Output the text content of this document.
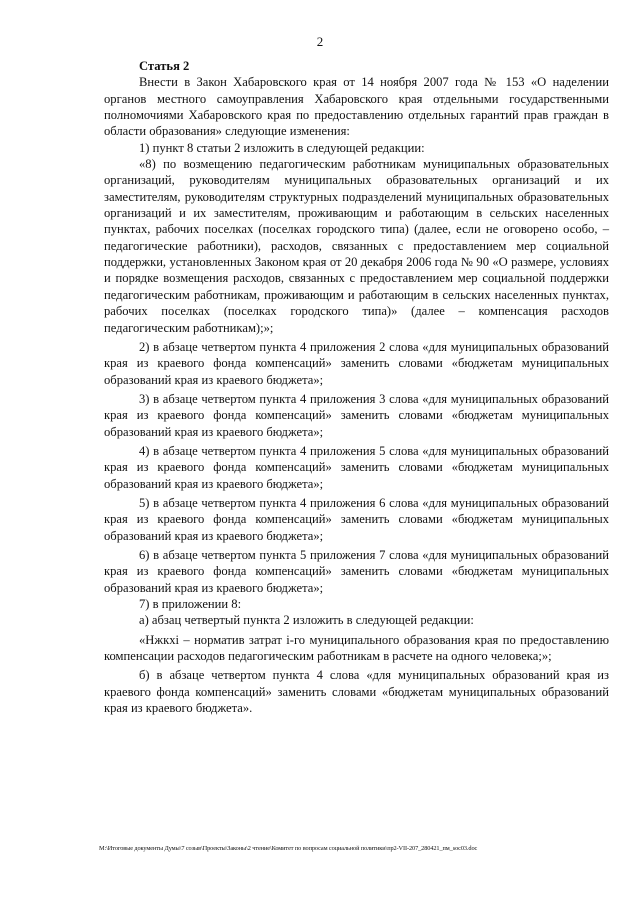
2

Статья 2

Внести в Закон Хабаровского края от 14 ноября 2007 года № 153 «О наделении органов местного самоуправления Хабаровского края отдельными государственными полномочиями Хабаровского края по предоставлению отдельных гарантий прав граждан в области образования» следующие изменения:

1) пункт 8 статьи 2 изложить в следующей редакции:

«8) по возмещению педагогическим работникам муниципальных образовательных организаций, руководителям муниципальных образовательных организаций и их заместителям, руководителям структурных подразделений муниципальных образовательных организаций и их заместителям, проживающим и работающим в сельских населенных пунктах, рабочих поселках (поселках городского типа) (далее, если не оговорено особо, – педагогические работники), расходов, связанных с предоставлением мер социальной поддержки, установленных Законом края от 20 декабря 2006 года № 90 «О размере, условиях и порядке возмещения расходов, связанных с предоставлением мер социальной поддержки педагогическим работникам, проживающим и работающим в сельских населенных пунктах, рабочих поселках (поселках городского типа)» (далее – компенсация расходов педагогическим работникам);»;

2) в абзаце четвертом пункта 4 приложения 2 слова «для муниципальных образований края из краевого фонда компенсаций» заменить словами «бюджетам муниципальных образований края из краевого бюджета»;

3) в абзаце четвертом пункта 4 приложения 3 слова «для муниципальных образований края из краевого фонда компенсаций» заменить словами «бюджетам муниципальных образований края из краевого бюджета»;

4) в абзаце четвертом пункта 4 приложения 5 слова «для муниципальных образований края из краевого фонда компенсаций» заменить словами «бюджетам муниципальных образований края из краевого бюджета»;

5) в абзаце четвертом пункта 4 приложения 6 слова «для муниципальных образований края из краевого фонда компенсаций» заменить словами «бюджетам муниципальных образований края из краевого бюджета»;

6) в абзаце четвертом пункта 5 приложения 7 слова «для муниципальных образований края из краевого фонда компенсаций» заменить словами «бюджетам муниципальных образований края из краевого бюджета»;

7) в приложении 8:

а) абзац четвертый пункта 2 изложить в следующей редакции:

«Нжкхi – норматив затрат i-го муниципального образования края по предоставлению компенсации расходов педагогическим работникам в расчете на одного человека;»;

б) в абзаце четвертом пункта 4 слова «для муниципальных образований края из краевого фонда компенсаций» заменить словами «бюджетам муниципальных образований края из краевого бюджета».

М:\Итоговые документы Думы\7 созыв\Проекты\Законы\2 чтение\Комитет по вопросам социальной политики\пр2-VII-207_280421_пм_soc03.doc
